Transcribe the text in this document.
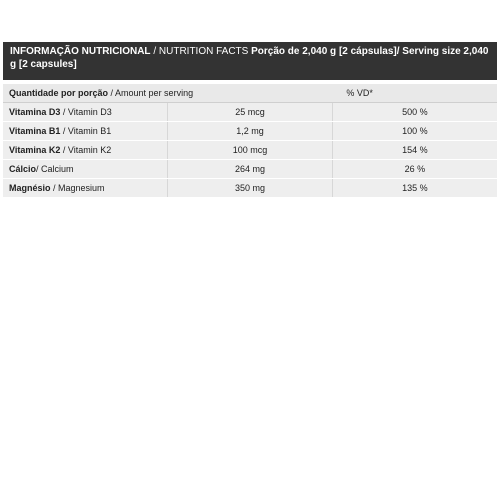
INFORMAÇÃO NUTRICIONAL / NUTRITION FACTS Porção de 2,040 g [2 cápsulas]/ Serving size 2,040 g [2 capsules]

Quantidade por porção / Amount per serving		% VD*
Vitamina D3 / Vitamin D3	25 mcg	500 %
Vitamina B1 / Vitamin B1	1,2 mg	100 %
Vitamina K2 / Vitamin K2	100 mcg	154 %
Cálcio/ Calcium	264 mg	26 %
Magnésio / Magnesium	350 mg	135 %
